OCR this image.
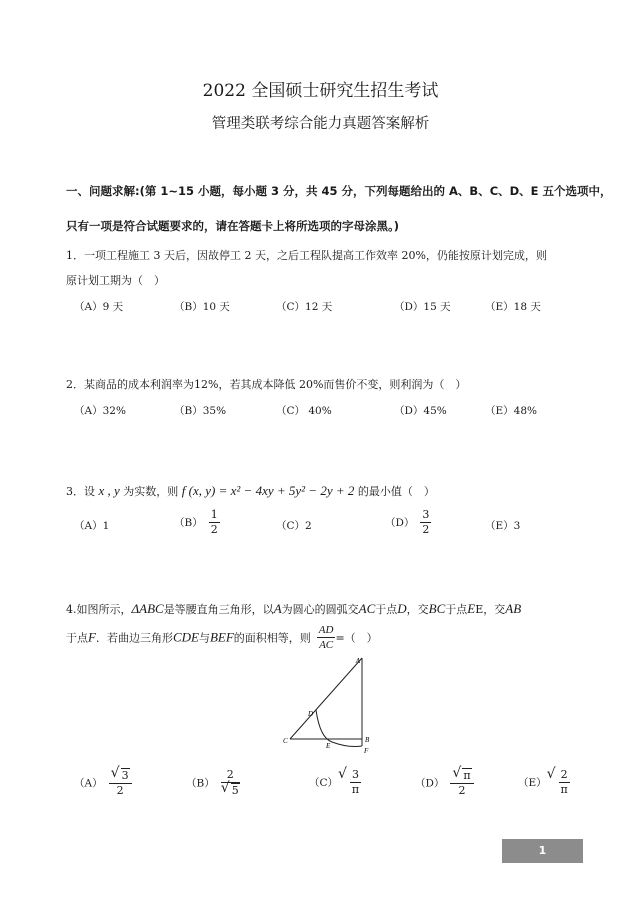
2022 全国硕士研究生招生考试
管理类联考综合能力真题答案解析
一、问题求解:(第 1~15 小题，每小题 3 分，共 45 分，下列每题给出的 A、B、C、D、E 五个选项中，
只有一项是符合试题要求的，请在答题卡上将所选项的字母涂黑。)
1．一项工程施工 3 天后，因故停工 2 天，之后工程队提高工作效率 20%，仍能按原计划完成，则
原计划工期为（　）
（A）9 天	（B）10 天	（C）12 天	（D）15 天	（E）18 天
2．某商品的成本利润率为12%，若其成本降低 20%而售价不变，则利润为（　）
（A）32%	（B）35%	（C） 40%	（D）45%	（E）48%
3．设 x , y 为实数，则 f (x, y) = x² − 4xy + 5y² − 2y + 2 的最小值（　）
（A）1	$(B) \frac{1}{2}$	（C）2	$(D) \frac{3}{2}$	（E）3
4.如图所示，ΔABC是等腰直角三角形，以A为圆心的圆弧交AC于点D，交BC于点EE，交AB
于点F．若曲边三角形CDE与BEF的面积相等，则 $\frac{AD}{AC}$ =（　）
A
B
C
D
E
F
（A） √ $\frac{3}{2}$	（B） 2
√ 5	（C） √ $\frac{3}{\pi}$	（D） √ $\frac{\pi}{2}$	（E） √ $\frac{2}{\pi}$
1
